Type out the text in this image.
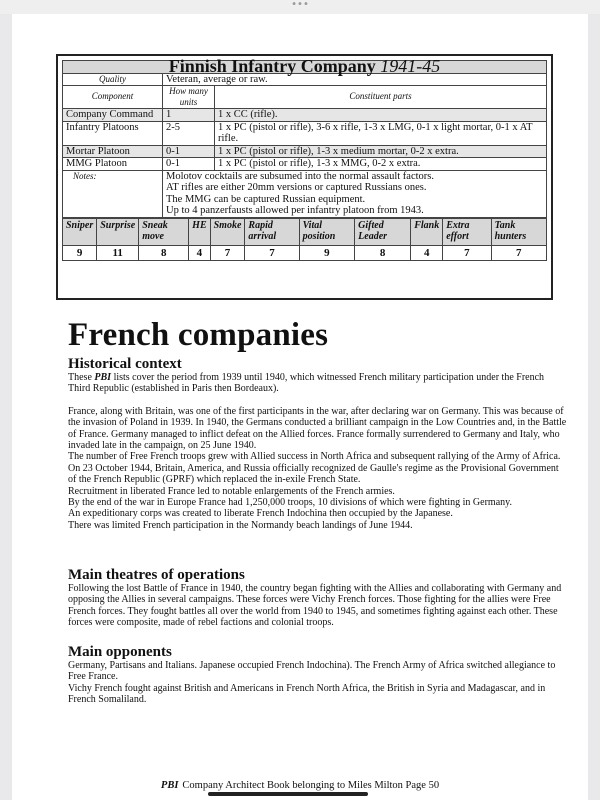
•••
Finnish Infantry Company 1941-45		
Quality	Veteran, average or raw.	
Component	How many units	Constituent parts
Company Command	1	1 x CC (rifle).
Infantry Platoons	2-5	1 x PC (pistol or rifle), 3-6 x rifle, 1-3 x LMG, 0-1 x light mortar, 0-1 x AT rifle.
Mortar Platoon	0-1	1 x PC (pistol or rifle), 1-3 x medium mortar, 0-2 x extra.
MMG Platoon	0-1	1 x PC (pistol or rifle), 1-3 x MMG, 0-2 x extra.
Notes:	Molotov cocktails are subsumed into the normal assault factors.
AT rifles are either 20mm versions or captured Russians ones.
The MMG can be captured Russian equipment.
Up to 4 panzerfausts allowed per infantry platoon from 1943.	
Sniper	Surprise	Sneak move	HE	Smoke	Rapid arrival	Vital position	Gifted Leader	Flank	Extra effort	Tank hunters
9	11	8	4	7	7	9	8	4	7	7
French companies
Historical context

These PBI lists cover the period from 1939 until 1940, which witnessed French military participation under the French Third Republic (established in Paris then Bordeaux).

France, along with Britain, was one of the first participants in the war, after declaring war on Germany. This was because of the invasion of Poland in 1939. In 1940, the Germans conducted a brilliant campaign in the Low Countries and, in the Battle of France. Germany managed to inflict defeat on the Allied forces. France formally surrendered to Germany and Italy, who invaded late in the campaign, on 25 June 1940.

The number of Free French troops grew with Allied success in North Africa and subsequent rallying of the Army of Africa. On 23 October 1944, Britain, America, and Russia officially recognized de Gaulle's regime as the Provisional Government of the French Republic (GPRF) which replaced the in-exile French State.

Recruitment in liberated France led to notable enlargements of the French armies.

By the end of the war in Europe France had 1,250,000 troops, 10 divisions of which were fighting in Germany.

An expeditionary corps was created to liberate French Indochina then occupied by the Japanese.

There was limited French participation in the Normandy beach landings of June 1944.

Main theatres of operations

Following the lost Battle of France in 1940, the country began fighting with the Allies and collaborating with Germany and opposing the Allies in several campaigns. These forces were Vichy French forces. Those fighting for the allies were Free French forces. They fought battles all over the world from 1940 to 1945, and sometimes fighting against each other. These forces were composite, made of rebel factions and colonial troops.

Main opponents

Germany, Partisans and Italians. Japanese occupied French Indochina). The French Army of Africa switched allegiance to Free France.

Vichy French fought against British and Americans in French North Africa, the British in Syria and Madagascar, and in French Somaliland.

PBI Company Architect Book belonging to Miles Milton Page 50
